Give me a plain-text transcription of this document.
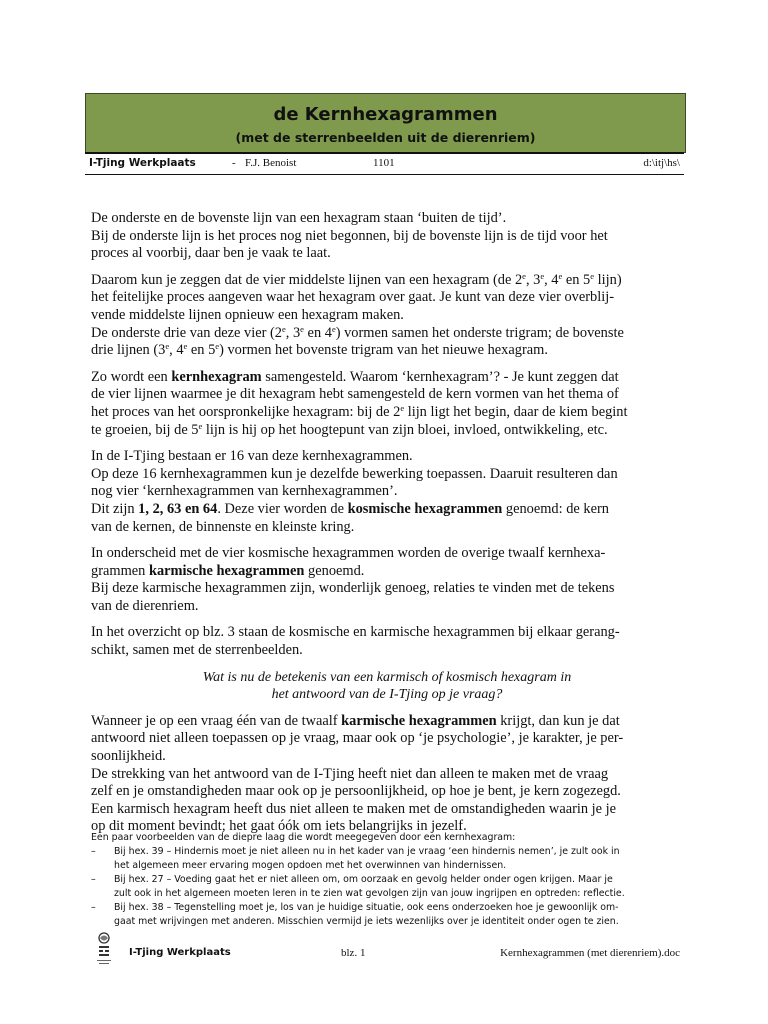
de Kernhexagrammen
(met de sterrenbeelden uit de dierenriem)
I-Tjing Werkplaats	- F.J. Benoist	1101	d:\itj\hs\

De onderste en de bovenste lijn van een hexagram staan ‘buiten de tijd’.
Bij de onderste lijn is het proces nog niet begonnen, bij de bovenste lijn is de tijd voor het
proces al voorbij, daar ben je vaak te laat.

Daarom kun je zeggen dat de vier middelste lijnen van een hexagram (de 2e, 3e, 4e en 5e lijn)
het feitelijke proces aangeven waar het hexagram over gaat. Je kunt van deze vier overblij-
vende middelste lijnen opnieuw een hexagram maken.
De onderste drie van deze vier (2e, 3e en 4e) vormen samen het onderste trigram; de bovenste
drie lijnen (3e, 4e en 5e) vormen het bovenste trigram van het nieuwe hexagram.

Zo wordt een kernhexagram samengesteld. Waarom ‘kernhexagram’? - Je kunt zeggen dat
de vier lijnen waarmee je dit hexagram hebt samengesteld de kern vormen van het thema of
het proces van het oorspronkelijke hexagram: bij de 2e lijn ligt het begin, daar de kiem begint
te groeien, bij de 5e lijn is hij op het hoogtepunt van zijn bloei, invloed, ontwikkeling, etc.

In de I-Tjing bestaan er 16 van deze kernhexagrammen.
Op deze 16 kernhexagrammen kun je dezelfde bewerking toepassen. Daaruit resulteren dan
nog vier ‘kernhexagrammen van kernhexagrammen’.
Dit zijn 1, 2, 63 en 64. Deze vier worden de kosmische hexagrammen genoemd: de kern
van de kernen, de binnenste en kleinste kring.

In onderscheid met de vier kosmische hexagrammen worden de overige twaalf kernhexa-
grammen karmische hexagrammen genoemd.
Bij deze karmische hexagrammen zijn, wonderlijk genoeg, relaties te vinden met de tekens
van de dierenriem.

In het overzicht op blz. 3 staan de kosmische en karmische hexagrammen bij elkaar gerang-
schikt, samen met de sterrenbeelden.

Wat is nu de betekenis van een karmisch of kosmisch hexagram in
het antwoord van de I-Tjing op je vraag?

Wanneer je op een vraag één van de twaalf karmische hexagrammen krijgt, dan kun je dat
antwoord niet alleen toepassen op je vraag, maar ook op ‘je psychologie’, je karakter, je per-
soonlijkheid.
De strekking van het antwoord van de I-Tjing heeft niet dan alleen te maken met de vraag
zelf en je omstandigheden maar ook op je persoonlijkheid, op hoe je bent, je kern zogezegd.
Een karmisch hexagram heeft dus niet alleen te maken met de omstandigheden waarin je je
op dit moment bevindt; het gaat óók om iets belangrijks in jezelf.

Een paar voorbeelden van de diepre laag die wordt meegegeven door een kernhexagram:
– Bij hex. 39 – Hindernis moet je niet alleen nu in het kader van je vraag ‘een hindernis nemen’, je zult ook in
het algemeen meer ervaring mogen opdoen met het overwinnen van hindernissen.
– Bij hex. 27 – Voeding gaat het er niet alleen om, om oorzaak en gevolg helder onder ogen krijgen. Maar je
zult ook in het algemeen moeten leren in te zien wat gevolgen zijn van jouw ingrijpen en optreden: reflectie.
– Bij hex. 38 – Tegenstelling moet je, los van je huidige situatie, ook eens onderzoeken hoe je gewoonlijk om-
gaat met wrijvingen met anderen. Misschien vermijd je iets wezenlijks over je identiteit onder ogen te zien.
I-Tjing Werkplaats	blz. 1	Kernhexagrammen (met dierenriem).doc
